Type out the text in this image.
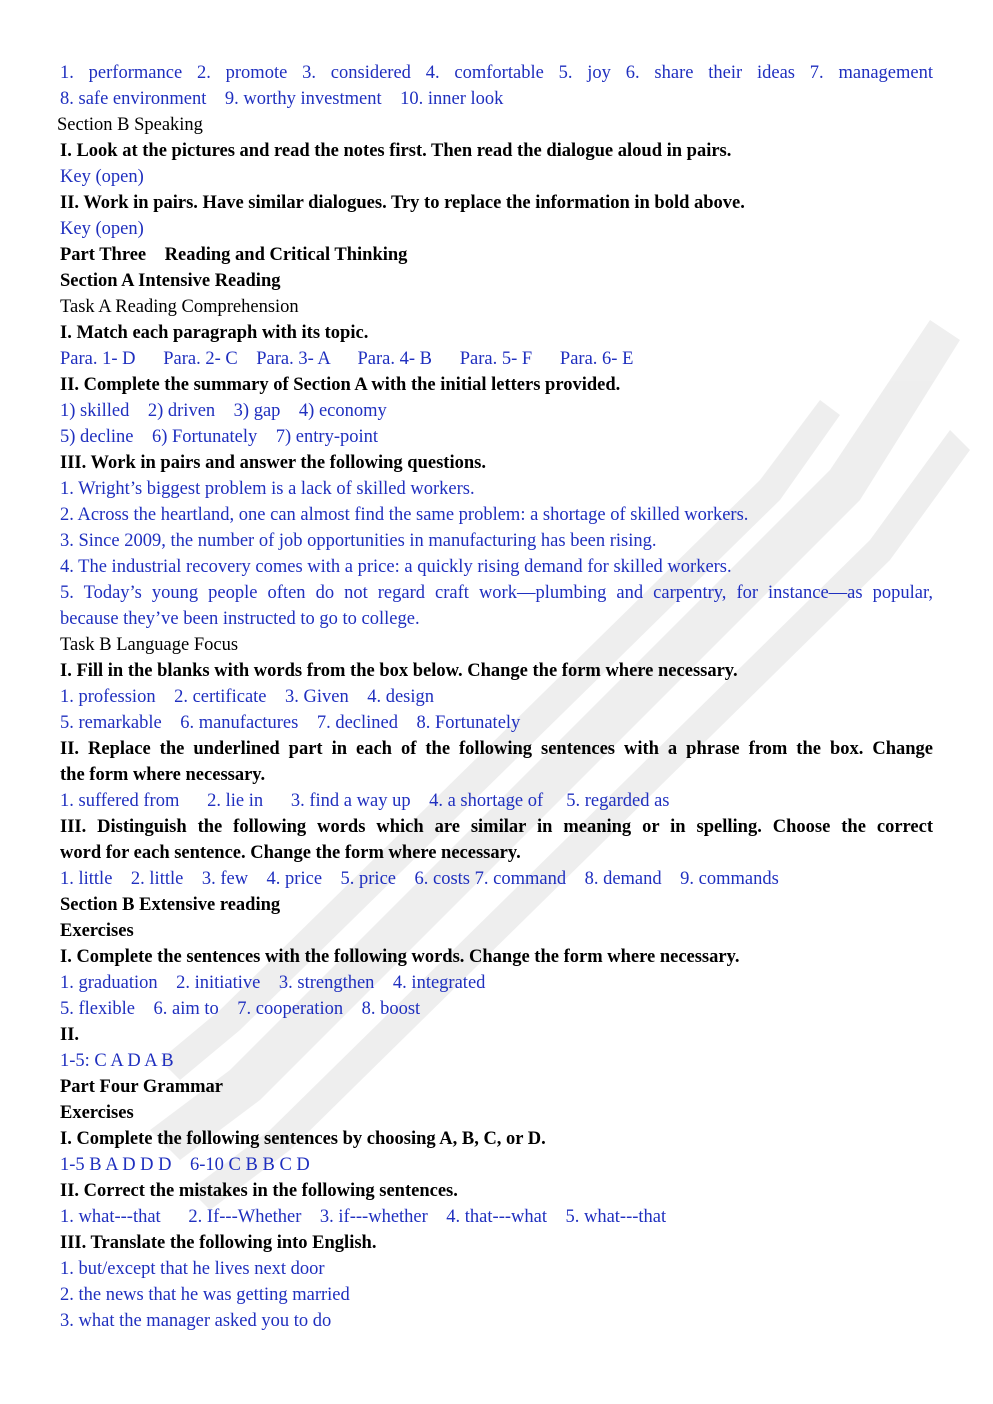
1. performance 2. promote 3. considered 4. comfortable 5. joy 6. share their ideas 7. management
8. safe environment    9. worthy investment    10. inner look
Section B Speaking
I. Look at the pictures and read the notes first. Then read the dialogue aloud in pairs.
Key (open)
II. Work in pairs. Have similar dialogues. Try to replace the information in bold above.
Key (open)
Part Three    Reading and Critical Thinking
Section A Intensive Reading
Task A Reading Comprehension
I. Match each paragraph with its topic.
Para. 1- D      Para. 2- C    Para. 3- A      Para. 4- B      Para. 5- F      Para. 6- E
II. Complete the summary of Section A with the initial letters provided.
1) skilled    2) driven    3) gap    4) economy
5) decline    6) Fortunately    7) entry-point
III. Work in pairs and answer the following questions.
1. Wright’s biggest problem is a lack of skilled workers.
2. Across the heartland, one can almost find the same problem: a shortage of skilled workers.
3. Since 2009, the number of job opportunities in manufacturing has been rising.
4. The industrial recovery comes with a price: a quickly rising demand for skilled workers.
5. Today’s young people often do not regard craft work—plumbing and carpentry, for instance—as popular,
because they’ve been instructed to go to college.
Task B Language Focus
I. Fill in the blanks with words from the box below. Change the form where necessary.
1. profession    2. certificate    3. Given    4. design
5. remarkable    6. manufactures    7. declined    8. Fortunately
II. Replace the underlined part in each of the following sentences with a phrase from the box. Change
the form where necessary.
1. suffered from      2. lie in      3. find a way up    4. a shortage of     5. regarded as
III. Distinguish the following words which are similar in meaning or in spelling. Choose the correct
word for each sentence. Change the form where necessary.
1. little    2. little    3. few    4. price    5. price    6. costs 7. command    8. demand    9. commands
Section B Extensive reading
Exercises
I. Complete the sentences with the following words. Change the form where necessary.
1. graduation    2. initiative    3. strengthen    4. integrated
5. flexible    6. aim to    7. cooperation    8. boost
II.
1-5: C A D A B
Part Four Grammar
Exercises
I. Complete the following sentences by choosing A, B, C, or D.
1-5 B A D D D    6-10 C B B C D
II. Correct the mistakes in the following sentences.
1. what---that      2. If---Whether    3. if---whether    4. that---what    5. what---that
III. Translate the following into English.
1. but/except that he lives next door
2. the news that he was getting married
3. what the manager asked you to do
